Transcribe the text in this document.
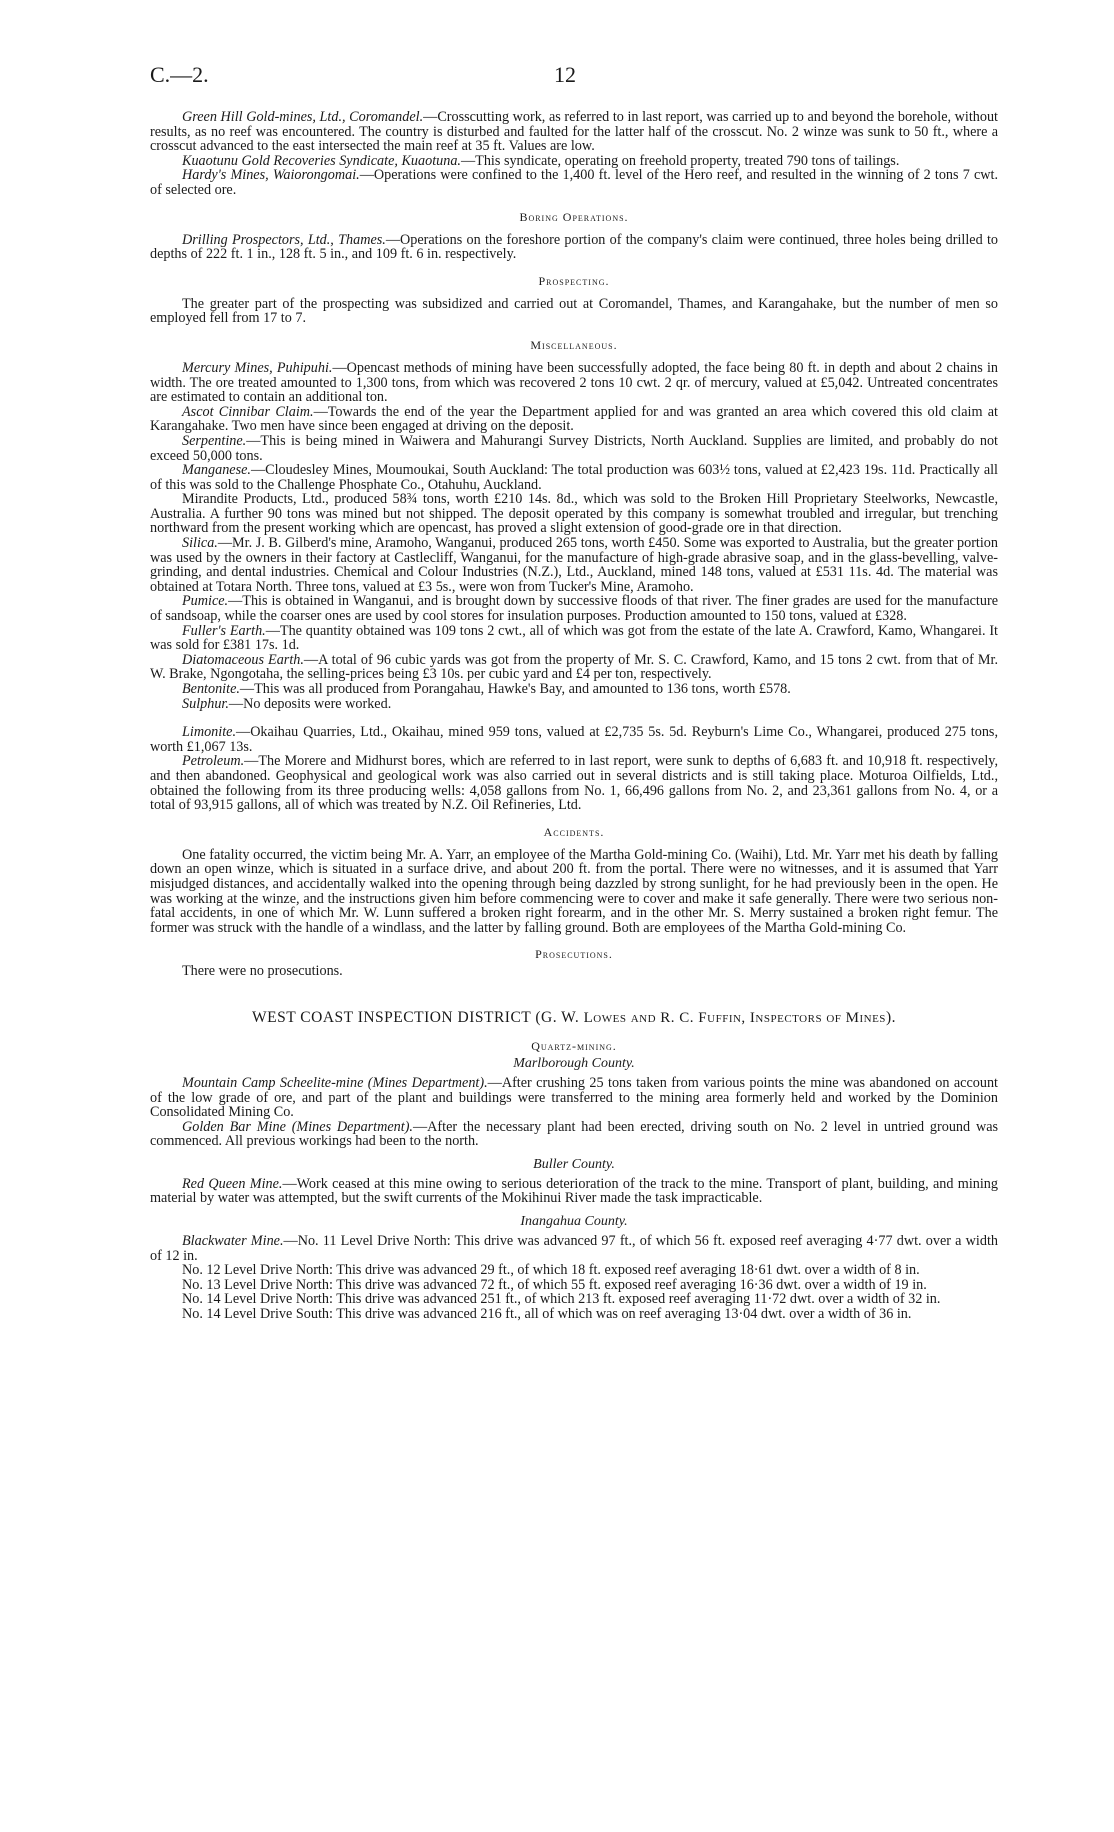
C.—2.	12

Green Hill Gold-mines, Ltd., Coromandel.—Crosscutting work, as referred to in last report, was carried up to and beyond the borehole, without results, as no reef was encountered. The country is disturbed and faulted for the latter half of the crosscut. No. 2 winze was sunk to 50 ft., where a crosscut advanced to the east intersected the main reef at 35 ft. Values are low.

Kuaotunu Gold Recoveries Syndicate, Kuaotuna.—This syndicate, operating on freehold property, treated 790 tons of tailings.

Hardy's Mines, Waiorongomai.—Operations were confined to the 1,400 ft. level of the Hero reef, and resulted in the winning of 2 tons 7 cwt. of selected ore.

Boring Operations.

Drilling Prospectors, Ltd., Thames.—Operations on the foreshore portion of the company's claim were continued, three holes being drilled to depths of 222 ft. 1 in., 128 ft. 5 in., and 109 ft. 6 in. respectively.

Prospecting.

The greater part of the prospecting was subsidized and carried out at Coromandel, Thames, and Karangahake, but the number of men so employed fell from 17 to 7.

Miscellaneous.

Mercury Mines, Puhipuhi.—Opencast methods of mining have been successfully adopted, the face being 80 ft. in depth and about 2 chains in width. The ore treated amounted to 1,300 tons, from which was recovered 2 tons 10 cwt. 2 qr. of mercury, valued at £5,042. Untreated concentrates are estimated to contain an additional ton.

Ascot Cinnibar Claim.—Towards the end of the year the Department applied for and was granted an area which covered this old claim at Karangahake. Two men have since been engaged at driving on the deposit.

Serpentine.—This is being mined in Waiwera and Mahurangi Survey Districts, North Auckland. Supplies are limited, and probably do not exceed 50,000 tons.

Manganese.—Cloudesley Mines, Moumoukai, South Auckland: The total production was 603½ tons, valued at £2,423 19s. 11d. Practically all of this was sold to the Challenge Phosphate Co., Otahuhu, Auckland.

Mirandite Products, Ltd., produced 58¾ tons, worth £210 14s. 8d., which was sold to the Broken Hill Proprietary Steelworks, Newcastle, Australia. A further 90 tons was mined but not shipped. The deposit operated by this company is somewhat troubled and irregular, but trenching northward from the present working which are opencast, has proved a slight extension of good-grade ore in that direction.

Silica.—Mr. J. B. Gilberd's mine, Aramoho, Wanganui, produced 265 tons, worth £450. Some was exported to Australia, but the greater portion was used by the owners in their factory at Castlecliff, Wanganui, for the manufacture of high-grade abrasive soap, and in the glass-bevelling, valve-grinding, and dental industries. Chemical and Colour Industries (N.Z.), Ltd., Auckland, mined 148 tons, valued at £531 11s. 4d. The material was obtained at Totara North. Three tons, valued at £3 5s., were won from Tucker's Mine, Aramoho.

Pumice.—This is obtained in Wanganui, and is brought down by successive floods of that river. The finer grades are used for the manufacture of sandsoap, while the coarser ones are used by cool stores for insulation purposes. Production amounted to 150 tons, valued at £328.

Fuller's Earth.—The quantity obtained was 109 tons 2 cwt., all of which was got from the estate of the late A. Crawford, Kamo, Whangarei. It was sold for £381 17s. 1d.

Diatomaceous Earth.—A total of 96 cubic yards was got from the property of Mr. S. C. Crawford, Kamo, and 15 tons 2 cwt. from that of Mr. W. Brake, Ngongotaha, the selling-prices being £3 10s. per cubic yard and £4 per ton, respectively.

Bentonite.—This was all produced from Porangahau, Hawke's Bay, and amounted to 136 tons, worth £578.

Sulphur.—No deposits were worked.

Limonite.—Okaihau Quarries, Ltd., Okaihau, mined 959 tons, valued at £2,735 5s. 5d. Reyburn's Lime Co., Whangarei, produced 275 tons, worth £1,067 13s.

Petroleum.—The Morere and Midhurst bores, which are referred to in last report, were sunk to depths of 6,683 ft. and 10,918 ft. respectively, and then abandoned. Geophysical and geological work was also carried out in several districts and is still taking place. Moturoa Oilfields, Ltd., obtained the following from its three producing wells: 4,058 gallons from No. 1, 66,496 gallons from No. 2, and 23,361 gallons from No. 4, or a total of 93,915 gallons, all of which was treated by N.Z. Oil Refineries, Ltd.

Accidents.

One fatality occurred, the victim being Mr. A. Yarr, an employee of the Martha Gold-mining Co. (Waihi), Ltd. Mr. Yarr met his death by falling down an open winze, which is situated in a surface drive, and about 200 ft. from the portal. There were no witnesses, and it is assumed that Yarr misjudged distances, and accidentally walked into the opening through being dazzled by strong sunlight, for he had previously been in the open. He was working at the winze, and the instructions given him before commencing were to cover and make it safe generally. There were two serious non-fatal accidents, in one of which Mr. W. Lunn suffered a broken right forearm, and in the other Mr. S. Merry sustained a broken right femur. The former was struck with the handle of a windlass, and the latter by falling ground. Both are employees of the Martha Gold-mining Co.

Prosecutions.

There were no prosecutions.

WEST COAST INSPECTION DISTRICT (G. W. Lowes and R. C. Fuffin, Inspectors of Mines).
Quartz-mining.
Marlborough County.

Mountain Camp Scheelite-mine (Mines Department).—After crushing 25 tons taken from various points the mine was abandoned on account of the low grade of ore, and part of the plant and buildings were transferred to the mining area formerly held and worked by the Dominion Consolidated Mining Co.

Golden Bar Mine (Mines Department).—After the necessary plant had been erected, driving south on No. 2 level in untried ground was commenced. All previous workings had been to the north.

Buller County.

Red Queen Mine.—Work ceased at this mine owing to serious deterioration of the track to the mine. Transport of plant, building, and mining material by water was attempted, but the swift currents of the Mokihinui River made the task impracticable.

Inangahua County.

Blackwater Mine.—No. 11 Level Drive North: This drive was advanced 97 ft., of which 56 ft. exposed reef averaging 4·77 dwt. over a width of 12 in.

No. 12 Level Drive North: This drive was advanced 29 ft., of which 18 ft. exposed reef averaging 18·61 dwt. over a width of 8 in.

No. 13 Level Drive North: This drive was advanced 72 ft., of which 55 ft. exposed reef averaging 16·36 dwt. over a width of 19 in.

No. 14 Level Drive North: This drive was advanced 251 ft., of which 213 ft. exposed reef averaging 11·72 dwt. over a width of 32 in.

No. 14 Level Drive South: This drive was advanced 216 ft., all of which was on reef averaging 13·04 dwt. over a width of 36 in.
